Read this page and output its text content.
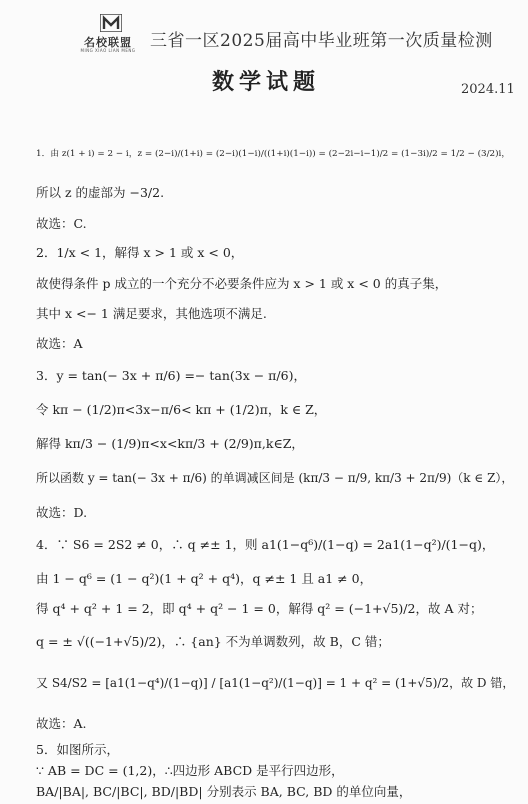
名校联盟
MING XIAO LIAN MENG 三省一区2025届高中毕业班第一次质量检测
数学试题	2024.11
1．由 z(1 + i) = 2 − i，z = (2−i)/(1+i) = (2−i)(1−i)/((1+i)(1−i)) = (2−2i−i−1)/2 = (1−3i)/2 = 1/2 − (3/2)i，
所以 z 的虚部为 −3/2.
故选：C.
2．1/x < 1，解得 x > 1 或 x < 0，
故使得条件 p 成立的一个充分不必要条件应为 x > 1 或 x < 0 的真子集，
其中 x <− 1 满足要求，其他选项不满足.
故选：A
3．y = tan(− 3x + π/6) =− tan(3x − π/6)，
令 kπ − (1/2)π<3x−π/6< kπ + (1/2)π，k ∈ Z，
解得 kπ/3 − (1/9)π<x<kπ/3 + (2/9)π,k∈Z，
所以函数 y = tan(− 3x + π/6) 的单调减区间是 (kπ/3 − π/9, kπ/3 + 2π/9)（k ∈ Z），
故选：D.
4．∵ S6 = 2S2 ≠ 0，∴ q ≠± 1，则 a1(1−q⁶)/(1−q) = 2a1(1−q²)/(1−q)，
由 1 − q⁶ = (1 − q²)(1 + q² + q⁴)，q ≠± 1 且 a1 ≠ 0，
得 q⁴ + q² + 1 = 2，即 q⁴ + q² − 1 = 0，解得 q² = (−1+√5)/2，故 A 对；
q = ± √((−1+√5)/2)，∴ {an} 不为单调数列，故 B，C 错；
又 S4/S2 = [a1(1−q⁴)/(1−q)] / [a1(1−q²)/(1−q)] = 1 + q² = (1+√5)/2，故 D 错，
故选：A.
5．如图所示，
∵ AB = DC = (1,2)，∴四边形 ABCD 是平行四边形，
BA/|BA|, BC/|BC|, BD/|BD| 分别表示 BA, BC, BD 的单位向量，
